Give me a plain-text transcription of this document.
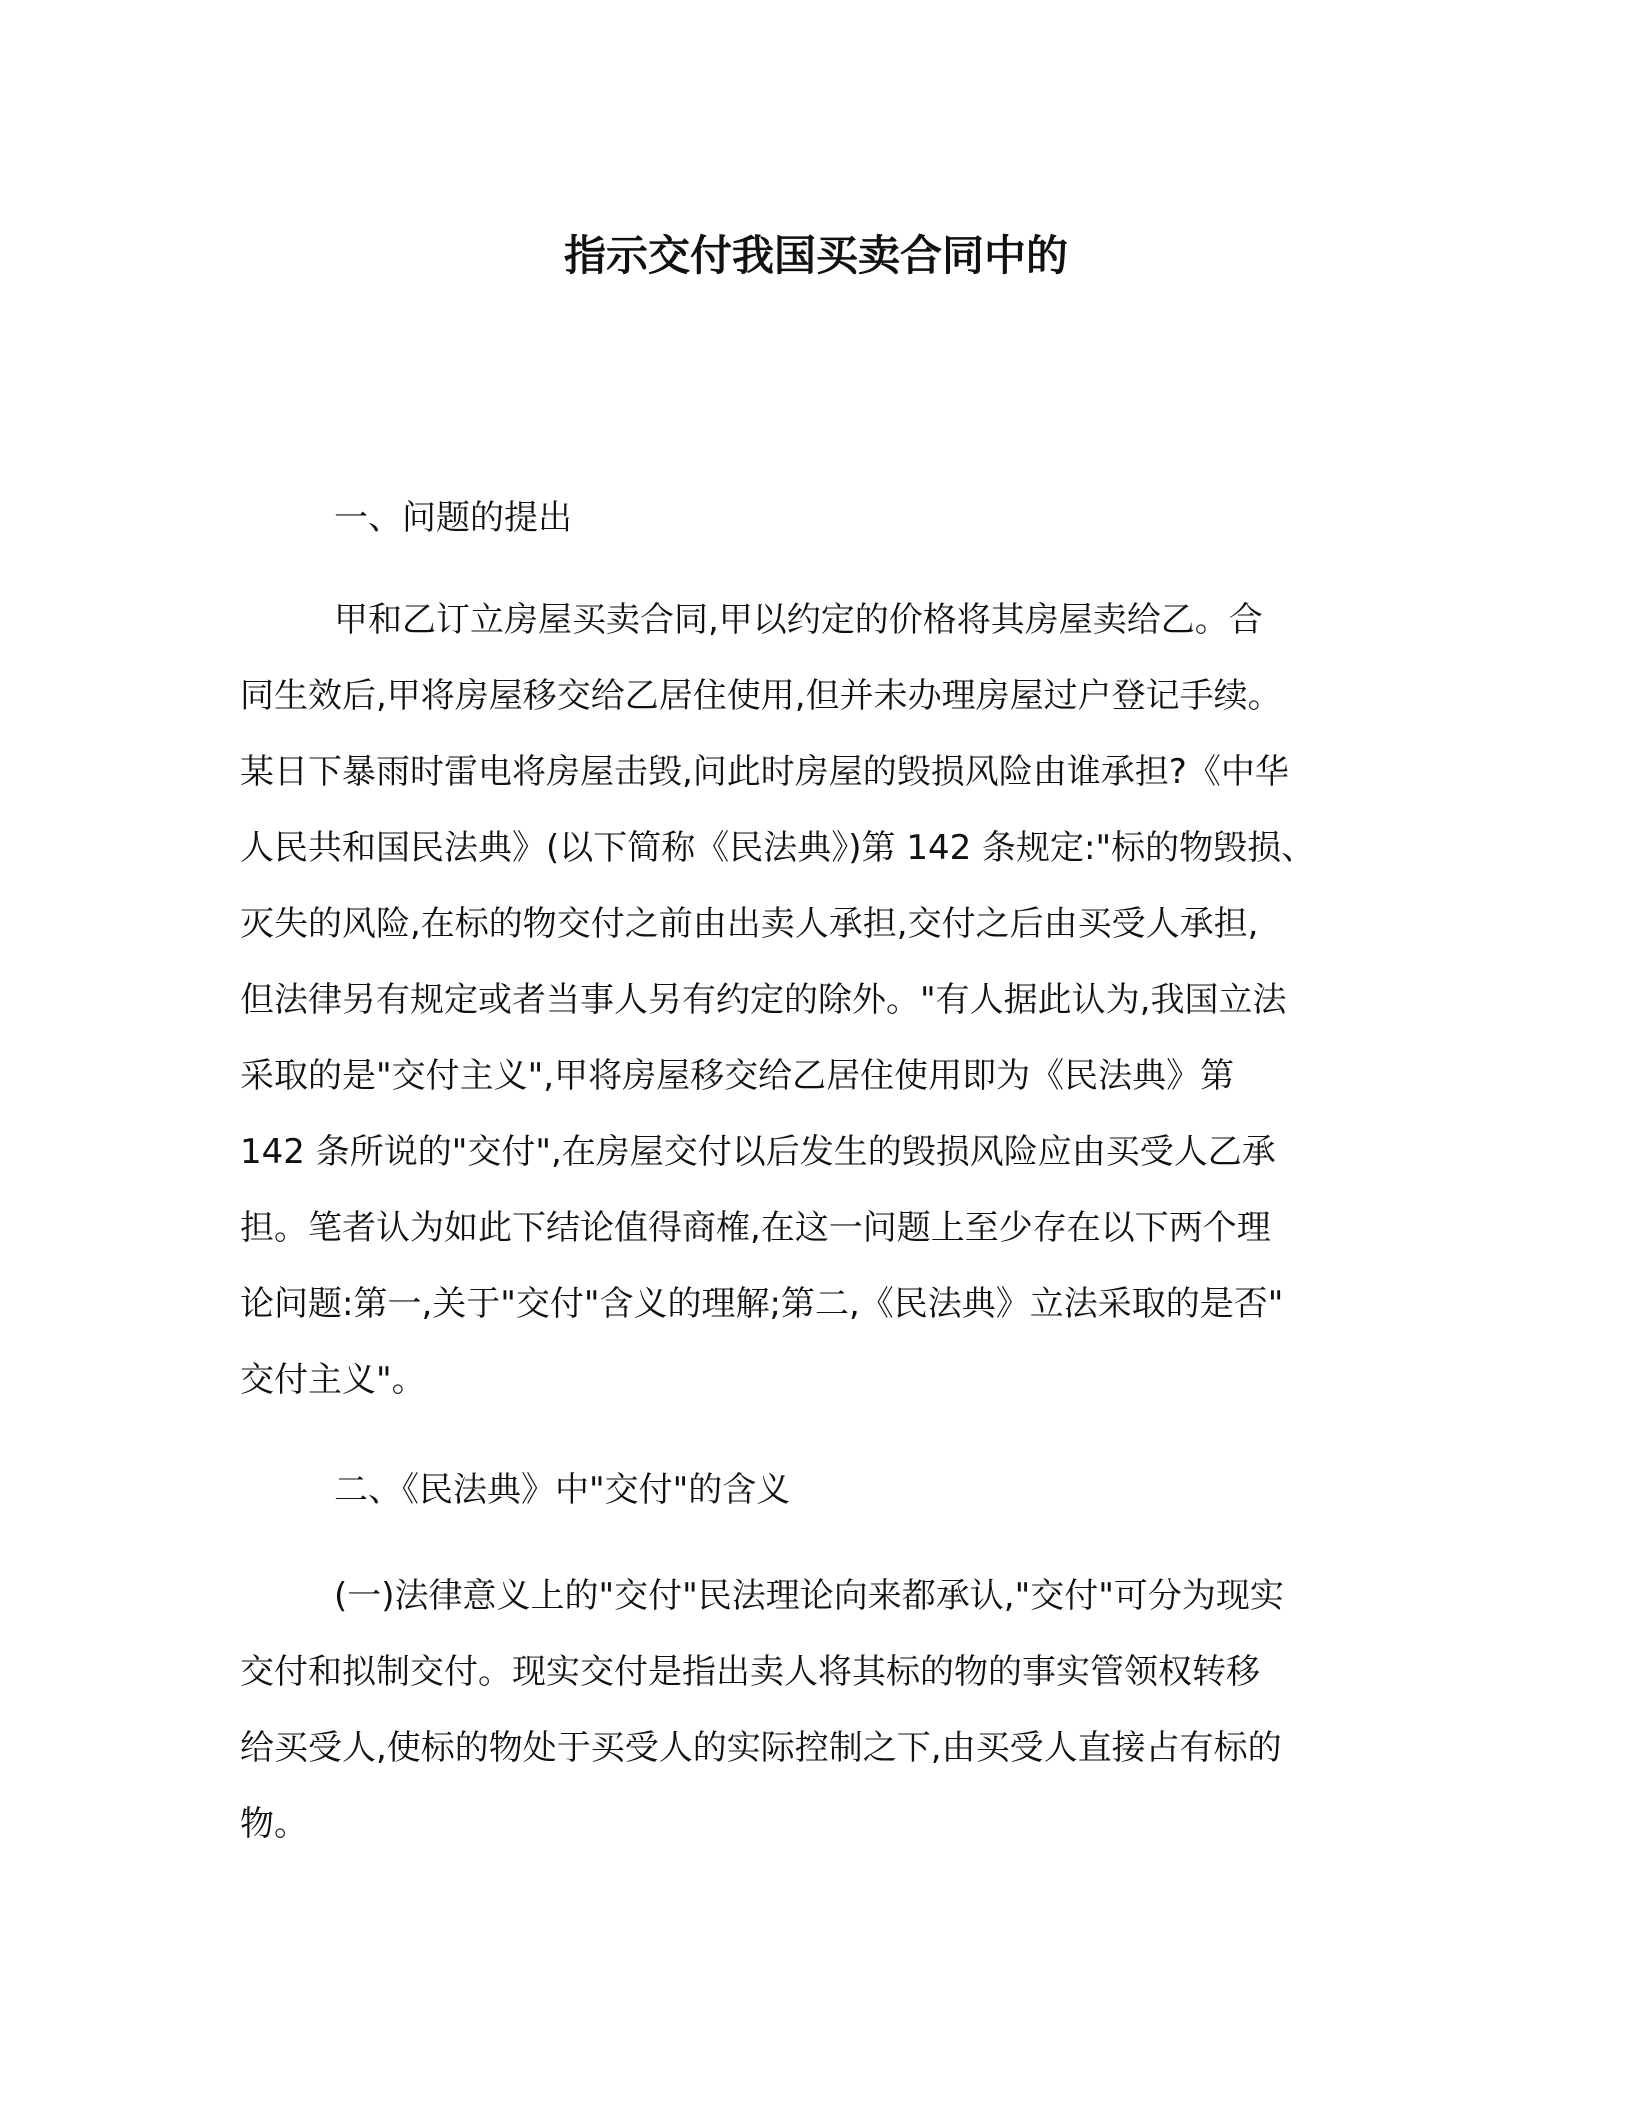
指示交付我国买卖合同中的

一、问题的提出

甲和乙订立房屋买卖合同,甲以约定的价格将其房屋卖给乙。合

同生效后,甲将房屋移交给乙居住使用,但并未办理房屋过户登记手续。

某日下暴雨时雷电将房屋击毁,问此时房屋的毁损风险由谁承担?《中华

人民共和国民法典》(以下简称《民法典》)第 142 条规定:"标的物毁损、

灭失的风险,在标的物交付之前由出卖人承担,交付之后由买受人承担,

但法律另有规定或者当事人另有约定的除外。"有人据此认为,我国立法

采取的是"交付主义",甲将房屋移交给乙居住使用即为《民法典》第

142 条所说的"交付",在房屋交付以后发生的毁损风险应由买受人乙承

担。笔者认为如此下结论值得商榷,在这一问题上至少存在以下两个理

论问题:第一,关于"交付"含义的理解;第二,《民法典》立法采取的是否"

交付主义"。

二、《民法典》中"交付"的含义

(一)法律意义上的"交付"民法理论向来都承认,"交付"可分为现实

交付和拟制交付。现实交付是指出卖人将其标的物的事实管领权转移

给买受人,使标的物处于买受人的实际控制之下,由买受人直接占有标的

物。
